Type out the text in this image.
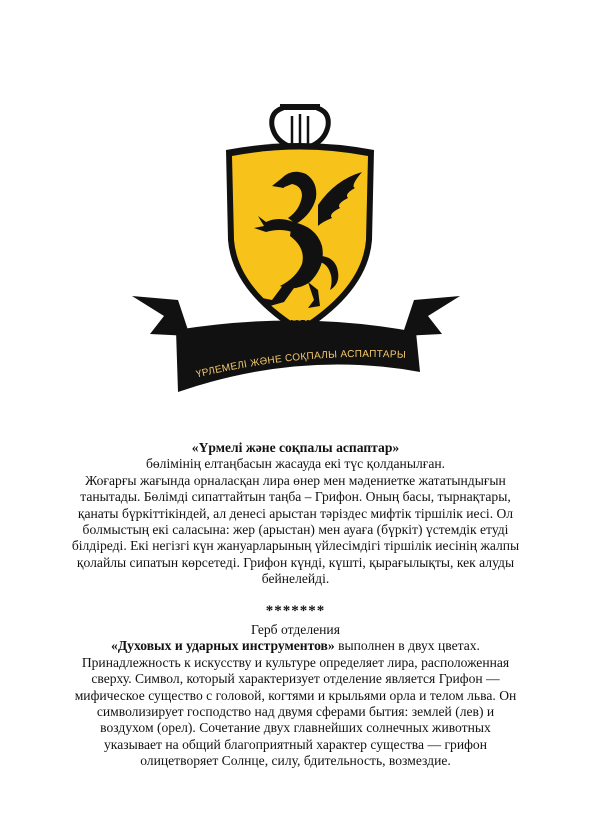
ҮРЛЕМЕЛІ ЖӘНЕ СОҚПАЛЫ АСПАПТАРЫ
«Үрмелі және соқпалы аспаптар»
бөлімінің елтаңбасын жасауда екі түс қолданылған.
Жоғарғы жағында орналасқан лира өнер мен мәдениетке жататындығын
танытады. Бөлімді сипаттайтын таңба – Грифон. Оның басы, тырнақтары,
қанаты бүркіттікіндей, ал денесі арыстан тәріздес мифтік тіршілік иесі. Ол
болмыстың екі саласына: жер (арыстан) мен ауаға (бүркіт) үстемдік етуді
білдіреді. Екі негізгі күн жануарларының үйлесімдігі тіршілік иесінің жалпы
қолайлы сипатын көрсетеді. Грифон күнді, күшті, қырағылықты, кек алуды
бейнелейді.
*******
Герб отделения
«Духовых и ударных инструментов» выполнен в двух цветах.
Принадлежность к искусству и культуре определяет лира, расположенная
сверху. Символ, который характеризует отделение является Грифон —
мифическое существо с головой, когтями и крыльями орла и телом льва. Он
символизирует господство над двумя сферами бытия: землей (лев) и
воздухом (орел). Сочетание двух главнейших солнечных животных
указывает на общий благоприятный характер существа — грифон
олицетворяет Солнце, силу, бдительность, возмездие.
